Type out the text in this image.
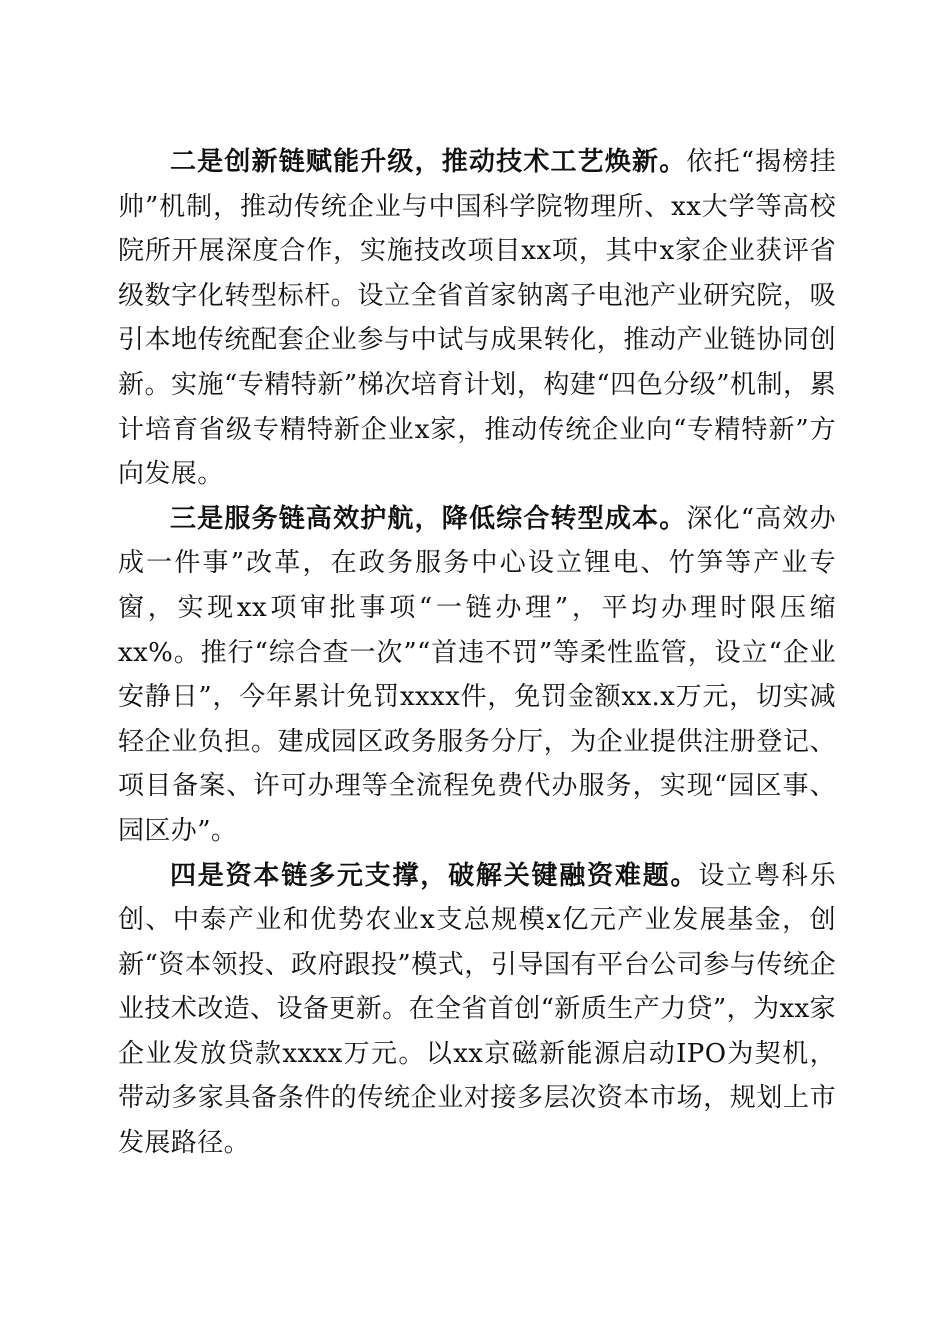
二是创新链赋能升级，推动技术工艺焕新。依托“揭榜挂帅”机制，推动传统企业与中国科学院物理所、xx大学等高校院所开展深度合作，实施技改项目xx项，其中x家企业获评省级数字化转型标杆。设立全省首家钠离子电池产业研究院，吸引本地传统配套企业参与中试与成果转化，推动产业链协同创新。实施“专精特新”梯次培育计划，构建“四色分级”机制，累计培育省级专精特新企业x家，推动传统企业向“专精特新”方向发展。

三是服务链高效护航，降低综合转型成本。深化“高效办成一件事”改革，在政务服务中心设立锂电、竹笋等产业专窗，实现xx项审批事项“一链办理”，平均办理时限压缩xx%。推行“综合查一次”“首违不罚”等柔性监管，设立“企业安静日”，今年累计免罚xxxx件，免罚金额xx.x万元，切实减轻企业负担。建成园区政务服务分厅，为企业提供注册登记、项目备案、许可办理等全流程免费代办服务，实现“园区事、园区办”。

四是资本链多元支撑，破解关键融资难题。设立粤科乐创、中泰产业和优势农业x支总规模x亿元产业发展基金，创新“资本领投、政府跟投”模式，引导国有平台公司参与传统企业技术改造、设备更新。在全省首创“新质生产力贷”，为xx家企业发放贷款xxxx万元。以xx京磁新能源启动IPO为契机，带动多家具备条件的传统企业对接多层次资本市场，规划上市发展路径。
